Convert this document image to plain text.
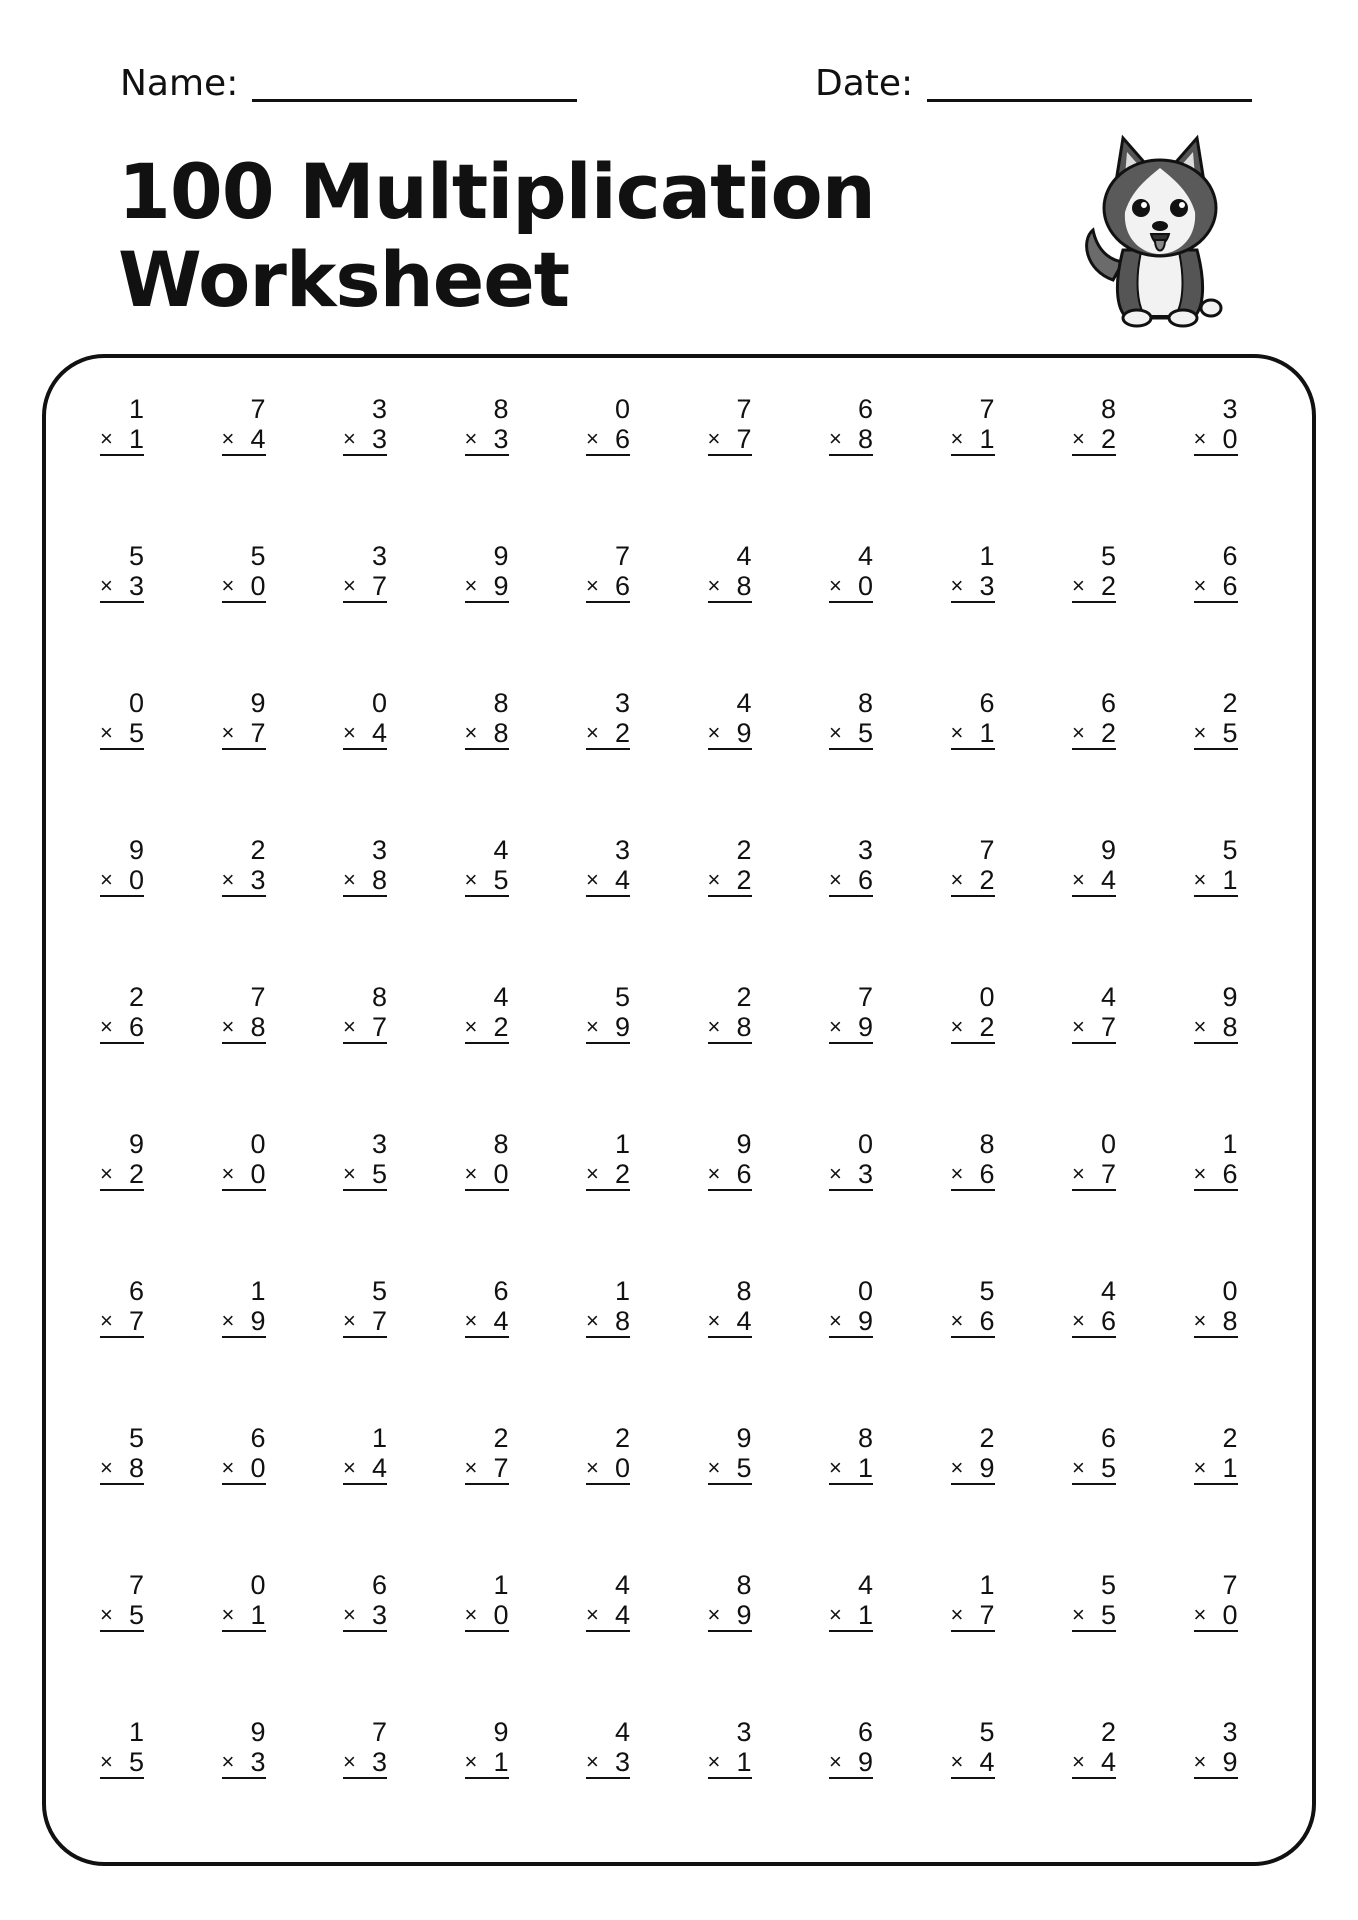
Name:	Date:
100 Multiplication
Worksheet
1
× 1
7
× 4
3
× 3
8
× 3
0
× 6
7
× 7
6
× 8
7
× 1
8
× 2
3
× 0
5
× 3
5
× 0
3
× 7
9
× 9
7
× 6
4
× 8
4
× 0
1
× 3
5
× 2
6
× 6
0
× 5
9
× 7
0
× 4
8
× 8
3
× 2
4
× 9
8
× 5
6
× 1
6
× 2
2
× 5
9
× 0
2
× 3
3
× 8
4
× 5
3
× 4
2
× 2
3
× 6
7
× 2
9
× 4
5
× 1
2
× 6
7
× 8
8
× 7
4
× 2
5
× 9
2
× 8
7
× 9
0
× 2
4
× 7
9
× 8
9
× 2
0
× 0
3
× 5
8
× 0
1
× 2
9
× 6
0
× 3
8
× 6
0
× 7
1
× 6
6
× 7
1
× 9
5
× 7
6
× 4
1
× 8
8
× 4
0
× 9
5
× 6
4
× 6
0
× 8
5
× 8
6
× 0
1
× 4
2
× 7
2
× 0
9
× 5
8
× 1
2
× 9
6
× 5
2
× 1
7
× 5
0
× 1
6
× 3
1
× 0
4
× 4
8
× 9
4
× 1
1
× 7
5
× 5
7
× 0
1
× 5
9
× 3
7
× 3
9
× 1
4
× 3
3
× 1
6
× 9
5
× 4
2
× 4
3
× 9
